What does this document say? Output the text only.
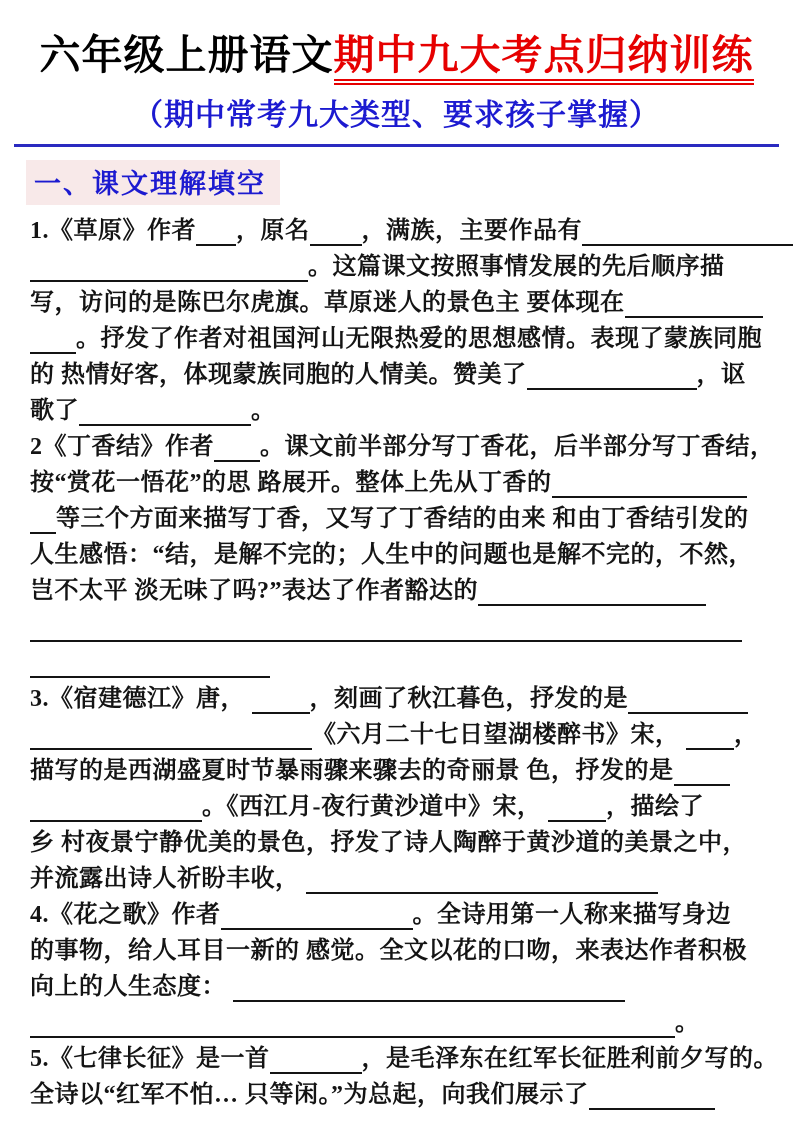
六年级上册语文期中九大考点归纳训练
（期中常考九大类型、要求孩子掌握）
一、课文理解填空
1.《草原》作者 ，原名 ，满族，主要作品有
。这篇课文按照事情发展的先后顺序描
写，访问的是陈巴尔虎旗。草原迷人的景色主 要体现在
。抒发了作者对祖国河山无限热爱的思想感情。表现了蒙族同胞
的 热情好客，体现蒙族同胞的人情美。赞美了	，讴
歌了	。
2《丁香结》作者 。课文前半部分写丁香花，后半部分写丁香结，
按“赏花一悟花”的思 路展开。整体上先从丁香的
等三个方面来描写丁香，又写了丁香结的由来 和由丁香结引发的
人生感悟：“结，是解不完的；人生中的问题也是解不完的，不然，
岂不太平 淡无味了吗?”表达了作者豁达的
3.《宿建德江》唐， ，刻画了秋江暮色，抒发的是
《六月二十七日望湖楼醉书》宋， ，
描写的是西湖盛夏时节暴雨骤来骤去的奇丽景 色，抒发的是
。《西江月-夜行黄沙道中》宋， ，描绘了
乡 村夜景宁静优美的景色，抒发了诗人陶醉于黄沙道的美景之中，
并流露出诗人祈盼丰收，
4.《花之歌》作者	。全诗用第一人称来描写身边
的事物，给人耳目一新的 感觉。全文以花的口吻，来表达作者积极
向上的人生态度：
。
5.《七律长征》是一首	，是毛泽东在红军长征胜利前夕写的。
全诗以“红军不怕… 只等闲。”为总起，向我们展示了
